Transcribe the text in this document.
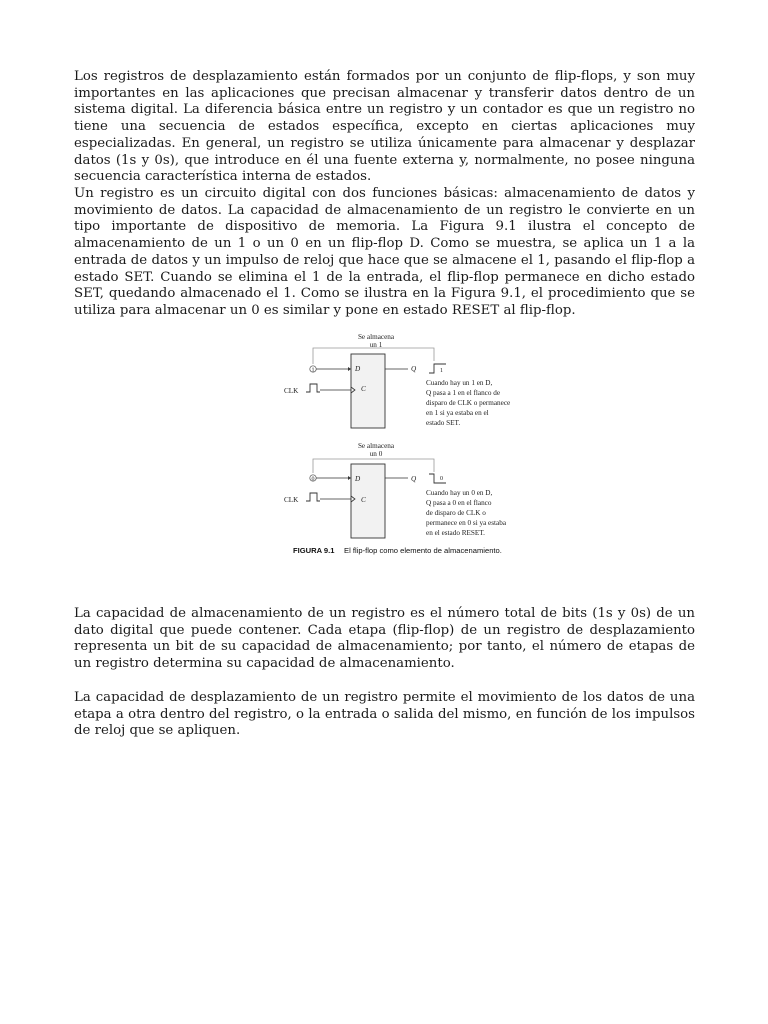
Los registros de desplazamiento están formados por un conjunto de flip-flops, y son muy importantes en las aplicaciones que precisan almacenar y transferir datos dentro de un sistema digital. La diferencia básica entre un registro y un contador es que un registro no tiene una secuencia de estados específica, excepto en ciertas aplicaciones muy especializadas. En general, un registro se utiliza únicamente para almacenar y desplazar datos (1s y 0s), que introduce en él una fuente externa y, normalmente, no posee ninguna secuencia característica interna de estados.

Un registro es un circuito digital con dos funciones básicas: almacenamiento de datos y movimiento de datos. La capacidad de almacenamiento de un registro le convierte en un tipo importante de dispositivo de memoria. La Figura 9.1 ilustra el concepto de almacenamiento de un 1 o un 0 en un flip-flop D. Como se muestra, se aplica un 1 a la entrada de datos y un impulso de reloj que hace que se almacene el 1, pasando el flip-flop a estado SET. Cuando se elimina el 1 de la entrada, el flip-flop permanece en dicho estado SET, quedando almacenado el 1. Como se ilustra en la Figura 9.1, el procedimiento que se utiliza para almacenar un 0 es similar y pone en estado RESET al flip-flop.

Se almacena
un 1
D
C
Q
1
CLK
1
Cuando hay un 1 en D,
Q pasa a 1 en el flanco de
disparo de CLK o permanece
en 1 si ya estaba en el
estado SET.
Se almacena
un 0
D
C
Q
0
CLK
0
Cuando hay un 0 en D,
Q pasa a 0 en el flanco
de disparo de CLK o
permanece en 0 si ya estaba
en el estado RESET.
FIGURA 9.1 El flip-flop como elemento de almacenamiento.

La capacidad de almacenamiento de un registro es el número total de bits (1s y 0s) de un dato digital que puede contener. Cada etapa (flip-flop) de un registro de desplazamiento representa un bit de su capacidad de almacenamiento; por tanto, el número de etapas de un registro determina su capacidad de almacenamiento.

La capacidad de desplazamiento de un registro permite el movimiento de los datos de una etapa a otra dentro del registro, o la entrada o salida del mismo, en función de los impulsos de reloj que se apliquen.
